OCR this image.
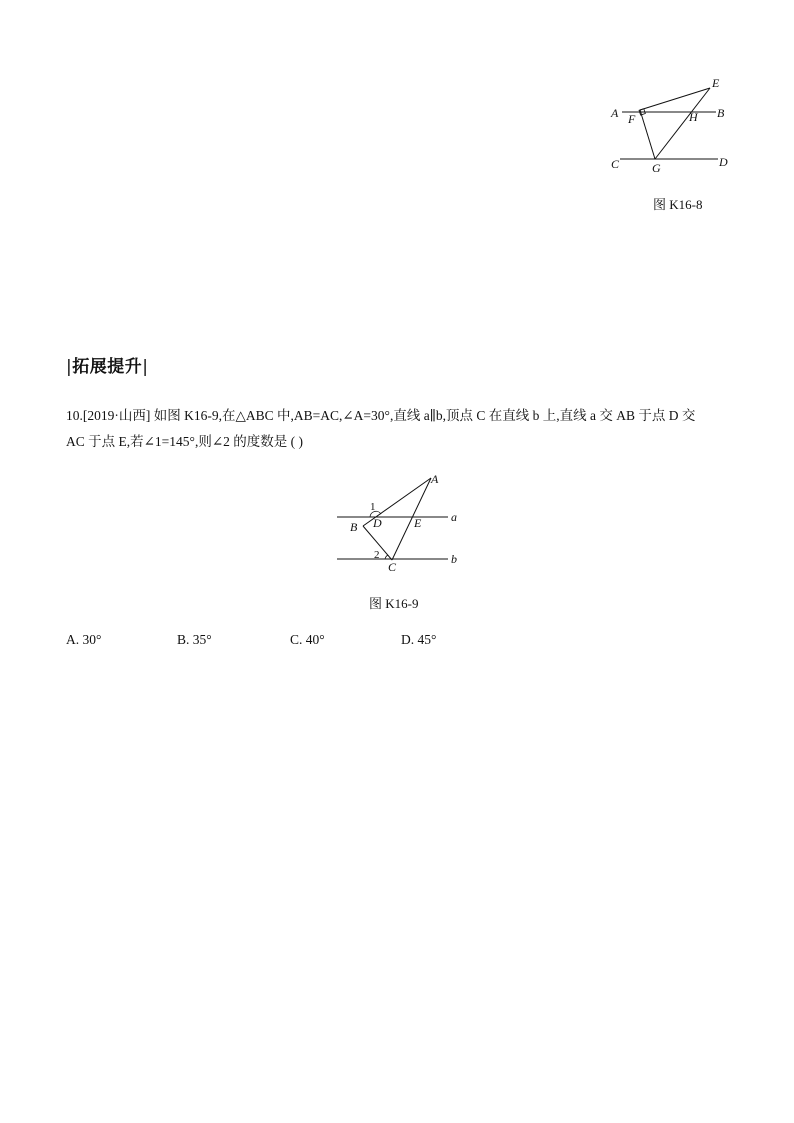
A	B
C	D
E
F
G
H
图 K16-8
|拓展提升|
10.[2019·山西] 如图 K16-9,在△ABC 中,AB=AC,∠A=30°,直线 a∥b,顶点 C 在直线 b 上,直线 a 交 AB 于点 D 交
AC 于点 E,若∠1=145°,则∠2 的度数是 ( )
A
B
C
D	E a
b
1
2
图 K16-9
A. 30°	B. 35°	C. 40°	D. 45°
